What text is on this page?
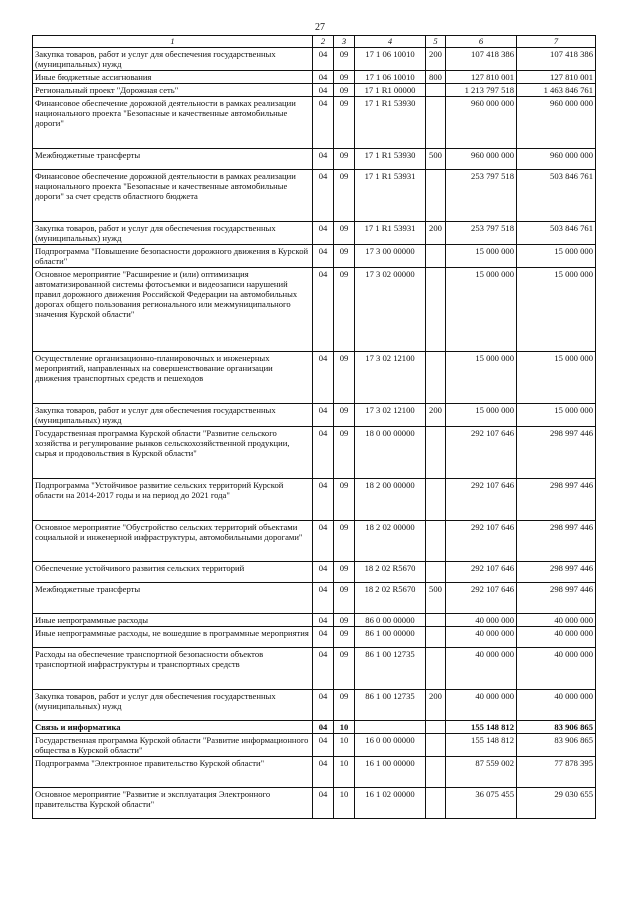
27
1	2	3	4	5	6	7
Закупка товаров, работ и услуг для обеспечения государственных (муниципальных) нужд	04	09	17 1 06 10010	200	107 418 386	107 418 386
Иные бюджетные ассигнования	04	09	17 1 06 10010	800	127 810 001	127 810 001
Региональный проект "Дорожная сеть"	04	09	17 1 R1 00000		1 213 797 518	1 463 846 761
Финансовое обеспечение дорожной деятельности в рамках реализации национального проекта "Безопасные и качественные автомобильные дороги"	04	09	17 1 R1 53930		960 000 000	960 000 000
Межбюджетные трансферты	04	09	17 1 R1 53930	500	960 000 000	960 000 000
Финансовое обеспечение дорожной деятельности в рамках реализации национального проекта "Безопасные и качественные автомобильные дороги" за счет средств областного бюджета	04	09	17 1 R1 53931		253 797 518	503 846 761
Закупка товаров, работ и услуг для обеспечения государственных (муниципальных) нужд	04	09	17 1 R1 53931	200	253 797 518	503 846 761
Подпрограмма "Повышение безопасности дорожного движения в Курской области"	04	09	17 3 00 00000		15 000 000	15 000 000
Основное мероприятие "Расширение и (или) оптимизация автоматизированной системы фотосъемки и видеозаписи нарушений правил дорожного движения Российской Федерации на автомобильных дорогах общего пользования регионального или межмуниципального значения Курской области"	04	09	17 3 02 00000		15 000 000	15 000 000
Осуществление организационно-планировочных и инженерных мероприятий, направленных на совершенствование организации движения транспортных средств и пешеходов	04	09	17 3 02 12100		15 000 000	15 000 000
Закупка товаров, работ и услуг для обеспечения государственных (муниципальных) нужд	04	09	17 3 02 12100	200	15 000 000	15 000 000
Государственная программа Курской области "Развитие сельского хозяйства и регулирование рынков сельскохозяйственной продукции, сырья и продовольствия в Курской области"	04	09	18 0 00 00000		292 107 646	298 997 446
Подпрограмма "Устойчивое развитие сельских территорий Курской области на 2014-2017 годы и на период до 2021 года"	04	09	18 2 00 00000		292 107 646	298 997 446
Основное мероприятие "Обустройство сельских территорий объектами социальной и инженерной инфраструктуры, автомобильными дорогами"	04	09	18 2 02 00000		292 107 646	298 997 446
Обеспечение устойчивого развития сельских территорий	04	09	18 2 02 R5670		292 107 646	298 997 446
Межбюджетные трансферты	04	09	18 2 02 R5670	500	292 107 646	298 997 446
Иные непрограммные расходы	04	09	86 0 00 00000		40 000 000	40 000 000
Иные непрограммные расходы, не вошедшие в программные мероприятия	04	09	86 1 00 00000		40 000 000	40 000 000
Расходы на обеспечение транспортной безопасности объектов транспортной инфраструктуры и транспортных средств	04	09	86 1 00 12735		40 000 000	40 000 000
Закупка товаров, работ и услуг для обеспечения государственных (муниципальных) нужд	04	09	86 1 00 12735	200	40 000 000	40 000 000
Связь и информатика	04	10			155 148 812	83 906 865
Государственная программа Курской области "Развитие информационного общества в Курской области"	04	10	16 0 00 00000		155 148 812	83 906 865
Подпрограмма "Электронное правительство Курской области"	04	10	16 1 00 00000		87 559 002	77 878 395
Основное мероприятие "Развитие и эксплуатация Электронного правительства Курской области"	04	10	16 1 02 00000		36 075 455	29 030 655
